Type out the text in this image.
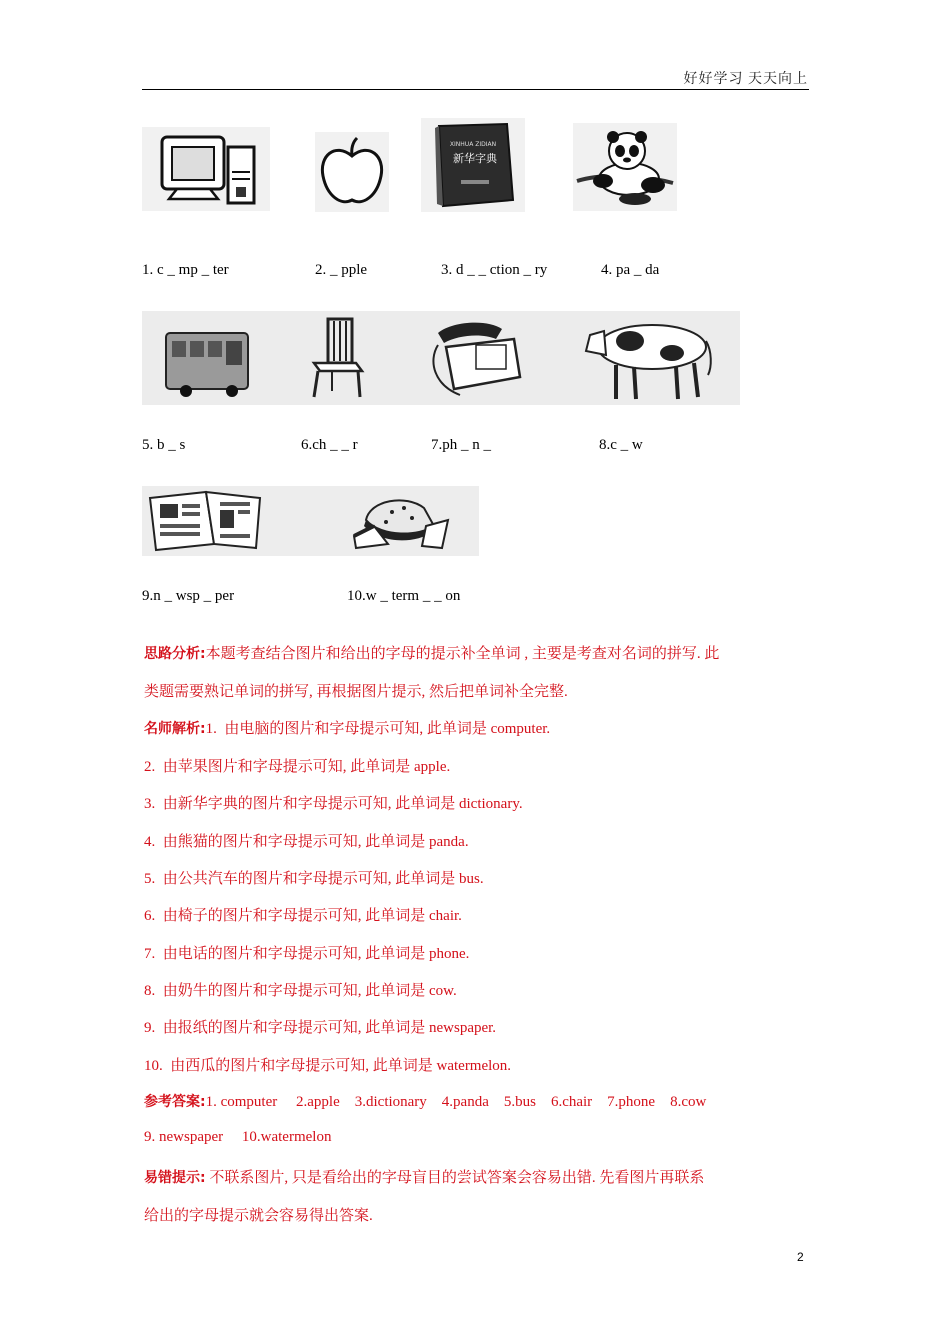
好好学习 天天向上
XINHUA ZIDIAN
新华字典
1. c _ mp _ ter	2. _ pple	3. d _ _ ction _ ry	4. pa _ da
5. b _ s	6.ch _ _ r	7.ph _ n _	8.c _ w
9.n _ wsp _ per	10.w _ term _ _ on
思路分析:本题考查结合图片和给出的字母的提示补全单词 , 主要是考查对名词的拼写. 此
类题需要熟记单词的拼写, 再根据图片提示, 然后把单词补全完整.
名师解析:1.  由电脑的图片和字母提示可知, 此单词是 computer.
2.  由苹果图片和字母提示可知, 此单词是 apple.
3.  由新华字典的图片和字母提示可知, 此单词是 dictionary.
4.  由熊猫的图片和字母提示可知, 此单词是 panda.
5.  由公共汽车的图片和字母提示可知, 此单词是 bus.
6.  由椅子的图片和字母提示可知, 此单词是 chair.
7.  由电话的图片和字母提示可知, 此单词是 phone.
8.  由奶牛的图片和字母提示可知, 此单词是 cow.
9.  由报纸的图片和字母提示可知, 此单词是 newspaper.
10.  由西瓜的图片和字母提示可知, 此单词是 watermelon.
参考答案:1. computer     2.apple    3.dictionary    4.panda    5.bus    6.chair    7.phone    8.cow
9. newspaper     10.watermelon
易错提示: 不联系图片, 只是看给出的字母盲目的尝试答案会容易出错. 先看图片再联系
给出的字母提示就会容易得出答案.
2
